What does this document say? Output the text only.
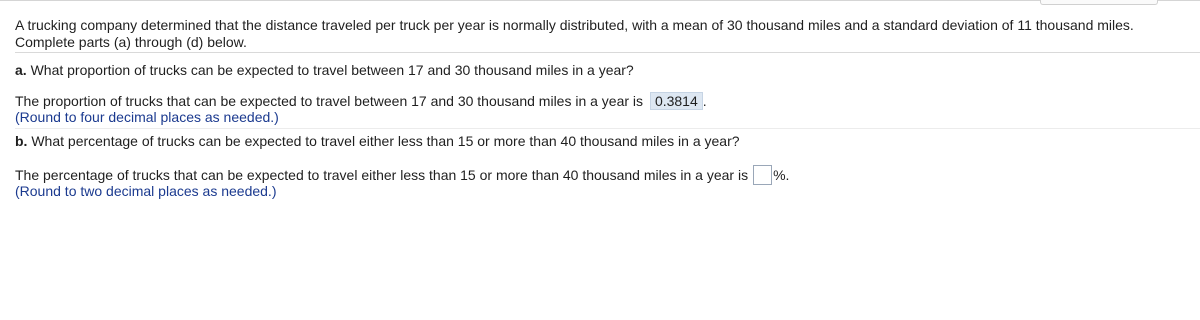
A trucking company determined that the distance traveled per truck per year is normally distributed, with a mean of 30 thousand miles and a standard deviation of 11 thousand miles. Complete parts (a) through (d) below.
a. What proportion of trucks can be expected to travel between 17 and 30 thousand miles in a year?
The proportion of trucks that can be expected to travel between 17 and 30 thousand miles in a year is 0.3814 .
(Round to four decimal places as needed.)
b. What percentage of trucks can be expected to travel either less than 15 or more than 40 thousand miles in a year?
The percentage of trucks that can be expected to travel either less than 15 or more than 40 thousand miles in a year is %.
(Round to two decimal places as needed.)
